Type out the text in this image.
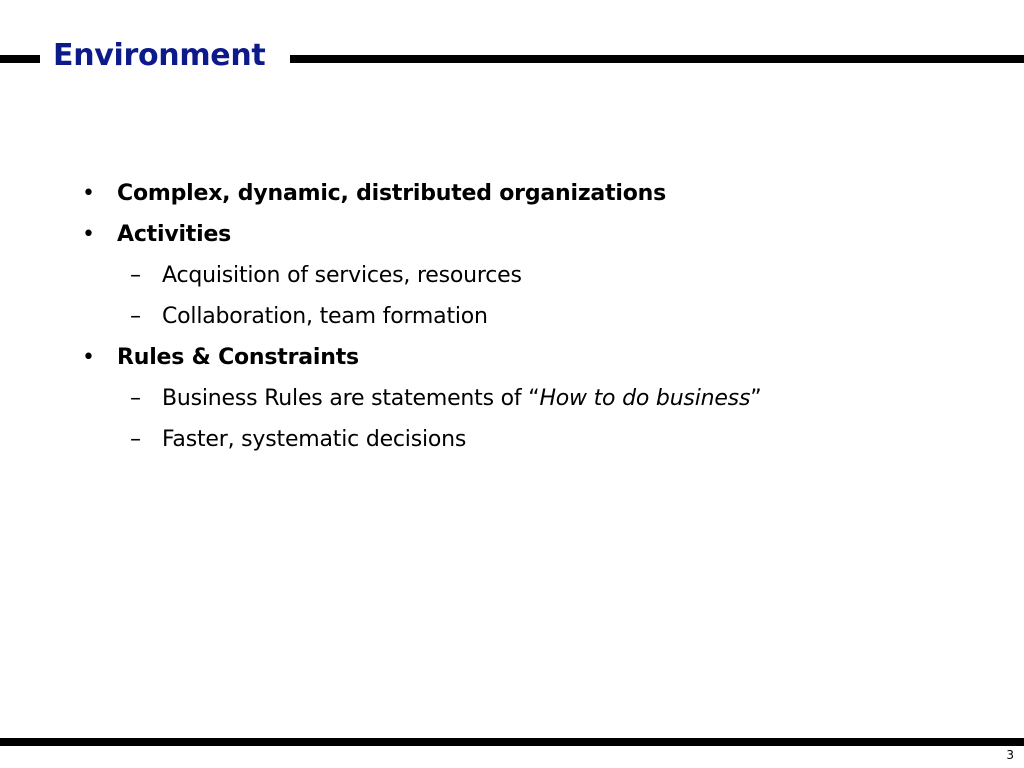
Environment
• Complex, dynamic, distributed organizations
• Activities
– Acquisition of services, resources
– Collaboration, team formation
• Rules & Constraints
– Business Rules are statements of “How to do business”
– Faster, systematic decisions
3
